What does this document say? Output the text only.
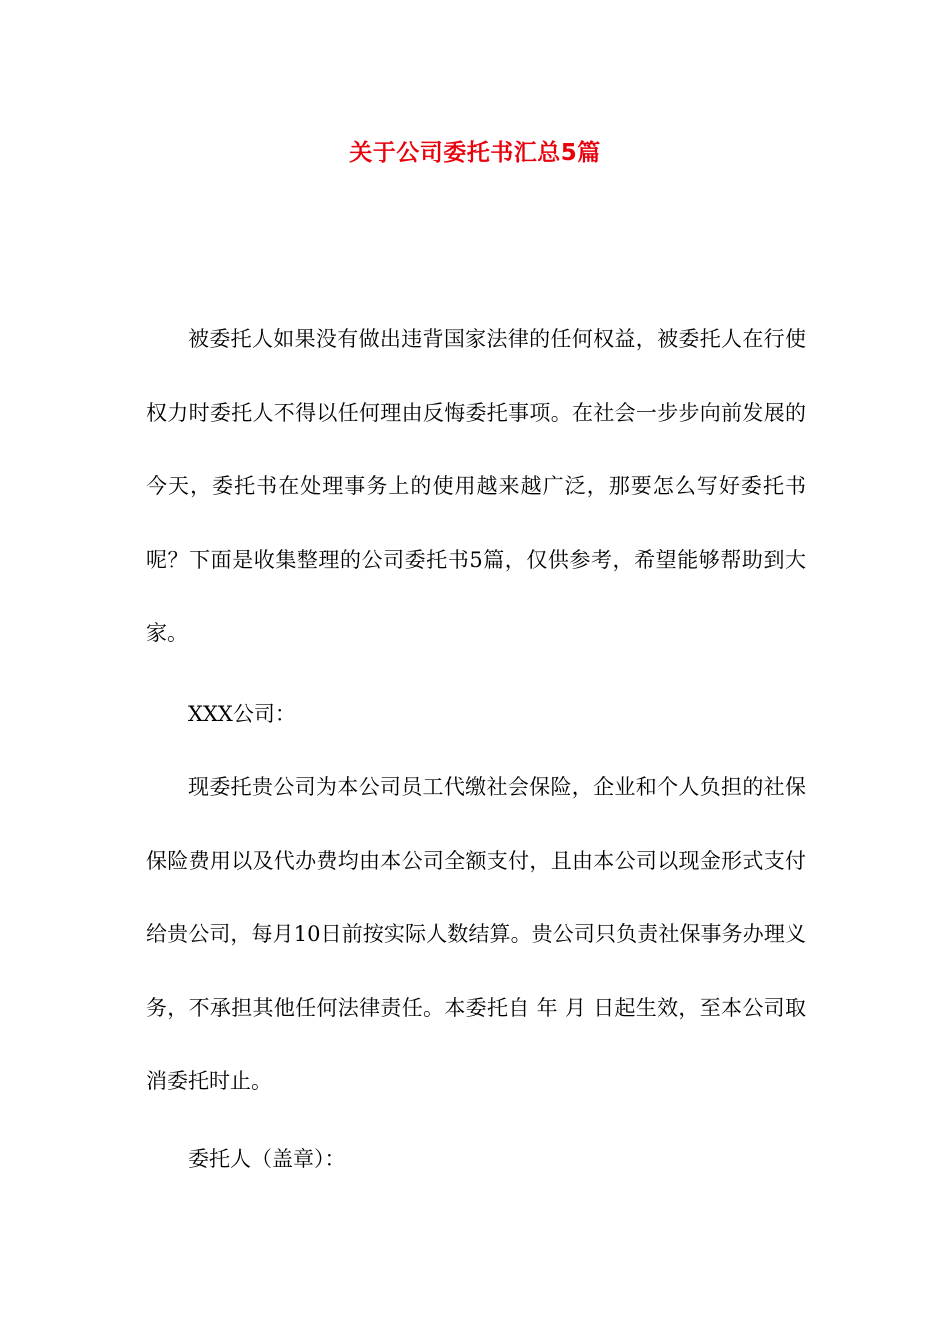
关于公司委托书汇总5篇

被委托人如果没有做出违背国家法律的任何权益，被委托人在行使权力时委托人不得以任何理由反悔委托事项。在社会一步步向前发展的今天，委托书在处理事务上的使用越来越广泛，那要怎么写好委托书呢？下面是收集整理的公司委托书5篇，仅供参考，希望能够帮助到大家。

XXX公司：

现委托贵公司为本公司员工代缴社会保险，企业和个人负担的社保保险费用以及代办费均由本公司全额支付，且由本公司以现金形式支付给贵公司，每月10日前按实际人数结算。贵公司只负责社保事务办理义务，不承担其他任何法律责任。本委托自 年 月 日起生效，至本公司取消委托时止。

委托人（盖章）：
